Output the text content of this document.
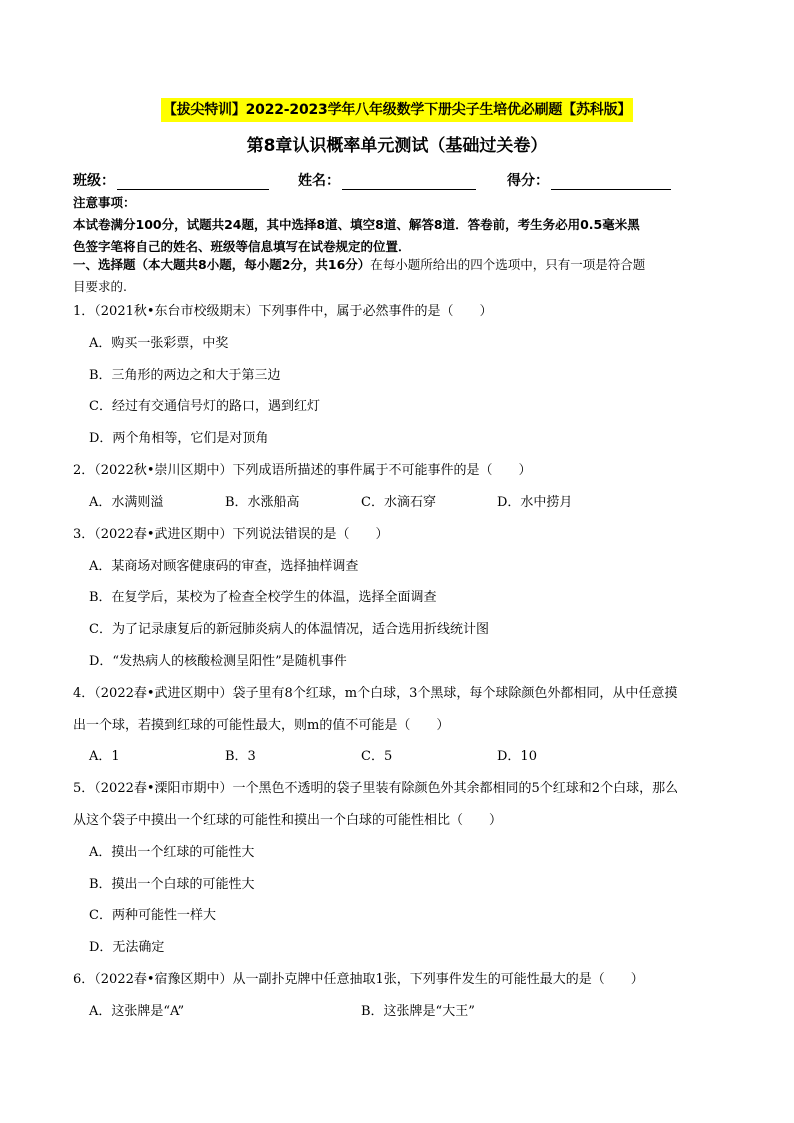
【拔尖特训】2022-2023学年八年级数学下册尖子生培优必刷题【苏科版】
第8章认识概率单元测试（基础过关卷）
班级：	姓名：	得分：

注意事项：

本试卷满分100分，试题共24题，其中选择8道、填空8道、解答8道．答卷前，考生务必用0.5毫米黑

色签字笔将自己的姓名、班级等信息填写在试卷规定的位置．

一、选择题（本大题共8小题，每小题2分，共16分）在每小题所给出的四个选项中，只有一项是符合题
目要求的.
1．（2021秋•东台市校级期末）下列事件中，属于必然事件的是（　　）
A．购买一张彩票，中奖
B．三角形的两边之和大于第三边
C．经过有交通信号灯的路口，遇到红灯
D．两个角相等，它们是对顶角
2．（2022秋•崇川区期中）下列成语所描述的事件属于不可能事件的是（　　）
A．水满则溢	B．水涨船高	C．水滴石穿	D．水中捞月
3．（2022春•武进区期中）下列说法错误的是（　　）
A．某商场对顾客健康码的审查，选择抽样调查
B．在复学后，某校为了检查全校学生的体温，选择全面调查
C．为了记录康复后的新冠肺炎病人的体温情况，适合选用折线统计图
D．“发热病人的核酸检测呈阳性”是随机事件
4．（2022春•武进区期中）袋子里有8个红球，m个白球，3个黑球，每个球除颜色外都相同，从中任意摸
出一个球，若摸到红球的可能性最大，则m的值不可能是（　　）
A．1	B．3	C．5	D．10
5．（2022春•溧阳市期中）一个黑色不透明的袋子里装有除颜色外其余都相同的5个红球和2个白球，那么
从这个袋子中摸出一个红球的可能性和摸出一个白球的可能性相比（　　）
A．摸出一个红球的可能性大
B．摸出一个白球的可能性大
C．两种可能性一样大
D．无法确定
6．（2022春•宿豫区期中）从一副扑克牌中任意抽取1张，下列事件发生的可能性最大的是（　　）
A．这张牌是“A”	B．这张牌是“大王”
